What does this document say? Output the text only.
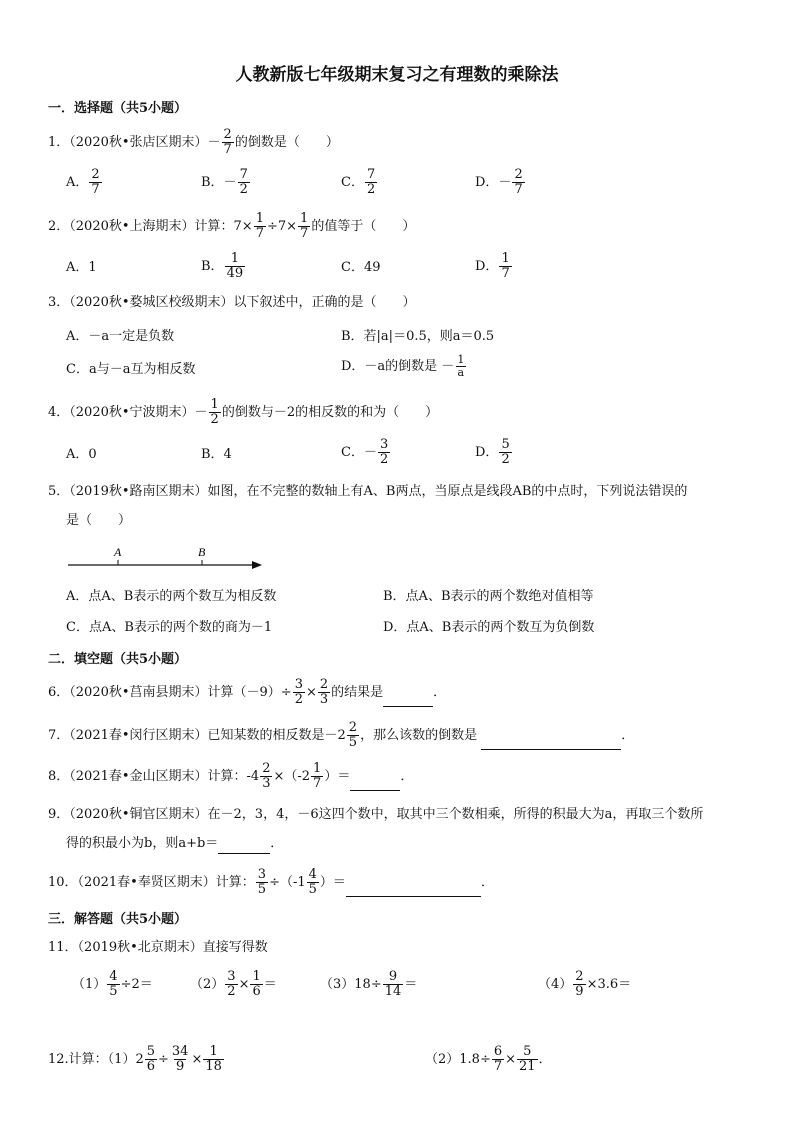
人教新版七年级期末复习之有理数的乘除法
一．选择题（共5小题）
1．（2020秋•张店区期末）－ $\frac{2}{7}$ 的倒数是（　　）
A． $\frac{2}{7}$	B．－ $\frac{7}{2}$	C． $\frac{7}{2}$	D．－ $\frac{2}{7}$
2．（2020秋•上海期末）计算：$7\times \frac{1}{7} \div 7\times \frac{1}{7}$ 的值等于（　　）
A．1	B． $\frac{1}{49}$	C．49	D． $\frac{1}{7}$
3．（2020秋•婺城区校级期末）以下叙述中，正确的是（　　）
A．－a一定是负数	B．若|a|＝0.5，则a＝0.5
C．a与－a互为相反数	D．－a的倒数是 － $\frac{1}{a}$
4．（2020秋•宁波期末）－ $\frac{1}{2}$ 的倒数与－2的相反数的和为（　　）
A．0	B．4	C．－ $\frac{3}{2}$	D． $\frac{5}{2}$
5．（2019秋•路南区期末）如图，在不完整的数轴上有A、B两点，当原点是线段AB的中点时，下列说法错误的
是（　　）
A	B
A．点A、B表示的两个数互为相反数	B．点A、B表示的两个数绝对值相等
C．点A、B表示的两个数的商为－1	D．点A、B表示的两个数互为负倒数
二．填空题（共5小题）
6．（2020秋•莒南县期末）计算$(-9)\div \frac{3}{2} \times \frac{2}{3}$ 的结果是	．
7．（2021春•闵行区期末）已知某数的相反数是$-2 \frac{2}{5}$ ，那么该数的倒数是	．
8．（2021春•金山区期末）计算：$-4 \frac{2}{3} \times(-2 \frac{1}{7}$ ）＝	．
9．（2020秋•铜官区期末）在－2，3，4，－6这四个数中，取其中三个数相乘，所得的积最大为a，再取三个数所
得的积最小为b，则a+b＝	．
10．（2021春•奉贤区期末）计算： $\frac{3}{5} \div(-1 \frac{4}{5}$ ）＝	．
三．解答题（共5小题）
11．（2019秋•北京期末）直接写得数
$(1) \frac{4}{5} \div 2=$	$(2) \frac{3}{2} \times \frac{1}{6}$ ＝	$(3)18\div \frac{9}{14}$ ＝	$(4) \frac{2}{9} \times 3.6=$
12.计算：$(1)2 \frac{5}{6} \div \frac{34}{9} \times \frac{1}{18}$	$(2)1.8\div \frac{6}{7} \times \frac{5}{21}$ ．
